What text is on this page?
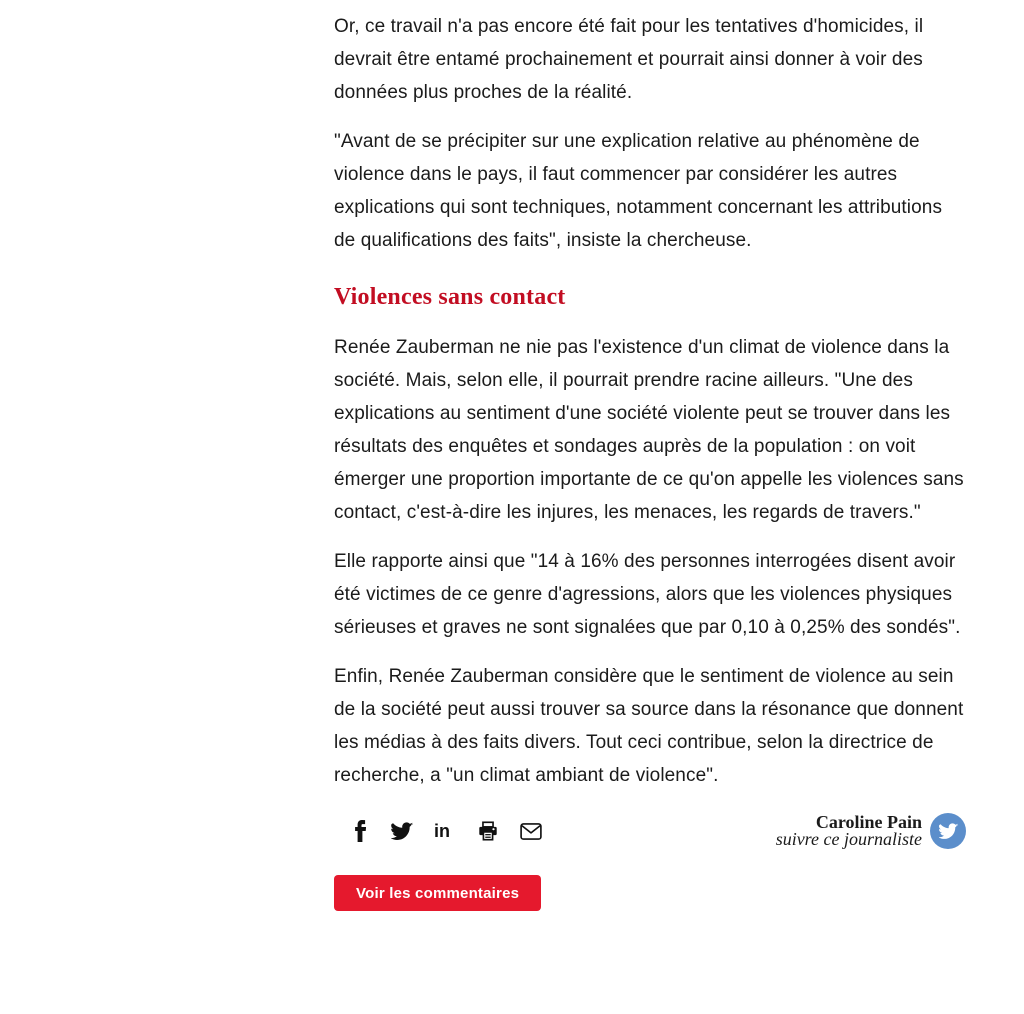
Or, ce travail n'a pas encore été fait pour les tentatives d'homicides, il devrait être entamé prochainement et pourrait ainsi donner à voir des données plus proches de la réalité.

"Avant de se précipiter sur une explication relative au phénomène de violence dans le pays, il faut commencer par considérer les autres explications qui sont techniques, notamment concernant les attributions de qualifications des faits", insiste la chercheuse.

Violences sans contact

Renée Zauberman ne nie pas l'existence d'un climat de violence dans la société. Mais, selon elle, il pourrait prendre racine ailleurs. "Une des explications au sentiment d'une société violente peut se trouver dans les résultats des enquêtes et sondages auprès de la population : on voit émerger une proportion importante de ce qu'on appelle les violences sans contact, c'est-à-dire les injures, les menaces, les regards de travers."

Elle rapporte ainsi que "14 à 16% des personnes interrogées disent avoir été victimes de ce genre d'agressions, alors que les violences physiques sérieuses et graves ne sont signalées que par 0,10 à 0,25% des sondés".

Enfin, Renée Zauberman considère que le sentiment de violence au sein de la société peut aussi trouver sa source dans la résonance que donnent les médias à des faits divers. Tout ceci contribue, selon la directrice de recherche, a "un climat ambiant de violence".

in	Caroline Pain
suivre ce journaliste
Voir les commentaires
